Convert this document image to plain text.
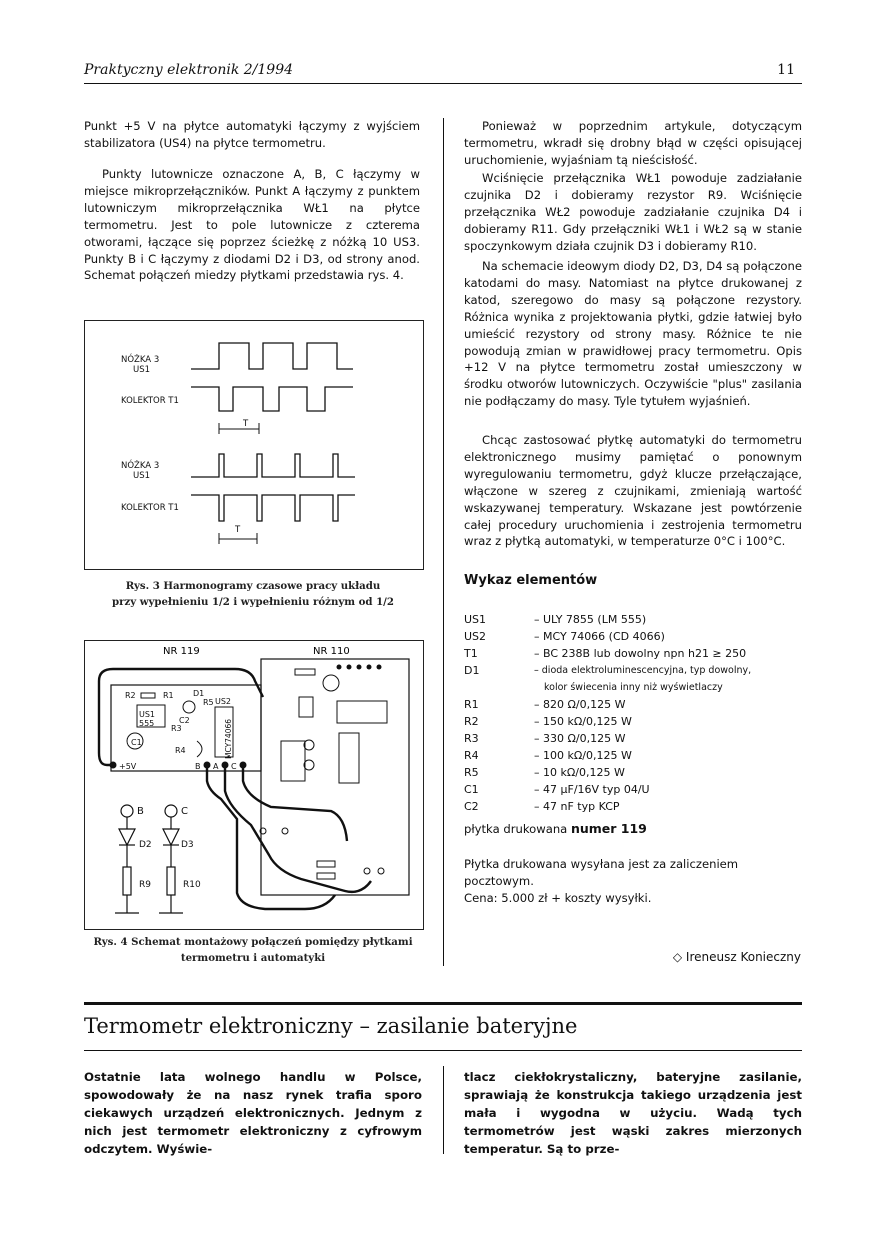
Praktyczny elektronik 2/1994	11

Punkt +5 V na płytce automatyki łączymy z wyjściem stabilizatora (US4) na płytce termometru.

Punkty lutownicze oznaczone A, B, C łączymy w miejsce mikroprzełączników. Punkt A łączymy z punktem lutowniczym mikroprzełącznika WŁ1 na płytce termometru. Jest to pole lutownicze z czterema otworami, łączące się poprzez ścieżkę z nóżką 10 US3. Punkty B i C łączymy z diodami D2 i D3, od strony anod. Schemat połączeń miedzy płytkami przedstawia rys. 4.

NÓŻKA 3
US1
KOLEKTOR T1
T
NÓŻKA 3
US1
KOLEKTOR T1
T
Rys. 3 Harmonogramy czasowe pracy układu
przy wypełnieniu 1/2 i wypełnieniu różnym od 1/2
NR 119	NR 110
R2	R1 D1
US2
US1
555	C2
R5
R3
C1
R4	MCY74066
+5V	B A C
B	C
D2	D3
R9	R10
Rys. 4 Schemat montażowy połączeń pomiędzy płytkami
termometru i automatyki

Ponieważ w poprzednim artykule, dotyczącym termometru, wkradł się drobny błąd w części opisującej uruchomienie, wyjaśniam tą nieścisłość.

Wciśnięcie przełącznika WŁ1 powoduje zadziałanie czujnika D2 i dobieramy rezystor R9. Wciśnięcie przełącznika WŁ2 powoduje zadziałanie czujnika D4 i dobieramy R11. Gdy przełączniki WŁ1 i WŁ2 są w stanie spoczynkowym działa czujnik D3 i dobieramy R10.

Na schemacie ideowym diody D2, D3, D4 są połączone katodami do masy. Natomiast na płytce drukowanej z katod, szeregowo do masy są połączone rezystory. Różnica wynika z projektowania płytki, gdzie łatwiej było umieścić rezystory od strony masy. Różnice te nie powodują zmian w prawidłowej pracy termometru. Opis +12 V na płytce termometru został umieszczony w środku otworów lutowniczych. Oczywiście "plus" zasilania nie podłączamy do masy. Tyle tytułem wyjaśnień.

Chcąc zastosować płytkę automatyki do termometru elektronicznego musimy pamiętać o ponownym wyregulowaniu termometru, gdyż klucze przełączające, włączone w szereg z czujnikami, zmieniają wartość wskazywanej temperatury. Wskazane jest powtórzenie całej procedury uruchomienia i zestrojenia termometru wraz z płytką automatyki, w temperaturze 0°C i 100°C.

Wykaz elementów
US1	– ULY 7855 (LM 555)
US2	– MCY 74066 (CD 4066)
T1	– BC 238B lub dowolny npn h21 ≥ 250
D1	– dioda elektroluminescencyjna, typ dowolny,
kolor świecenia inny niż wyświetlaczy
R1	– 820 Ω/0,125 W
R2	– 150 kΩ/0,125 W
R3	– 330 Ω/0,125 W
R4	– 100 kΩ/0,125 W
R5	– 10 kΩ/0,125 W
C1	– 47 µF/16V typ 04/U
C2	– 47 nF typ KCP
płytka drukowana numer 119

Płytka drukowana wysyłana jest za zaliczeniem pocztowym.

Cena: 5.000 zł + koszty wysyłki.

◇ Ireneusz Konieczny
Termometr elektroniczny – zasilanie bateryjne

Ostatnie lata wolnego handlu w Polsce, spowodowały że na nasz rynek trafia sporo ciekawych urządzeń elektronicznych. Jednym z nich jest termometr elektroniczny z cyfrowym odczytem. Wyświe-

tlacz ciekłokrystaliczny, bateryjne zasilanie, sprawiają że konstrukcja takiego urządzenia jest mała i wygodna w użyciu. Wadą tych termometrów jest wąski zakres mierzonych temperatur. Są to prze-
